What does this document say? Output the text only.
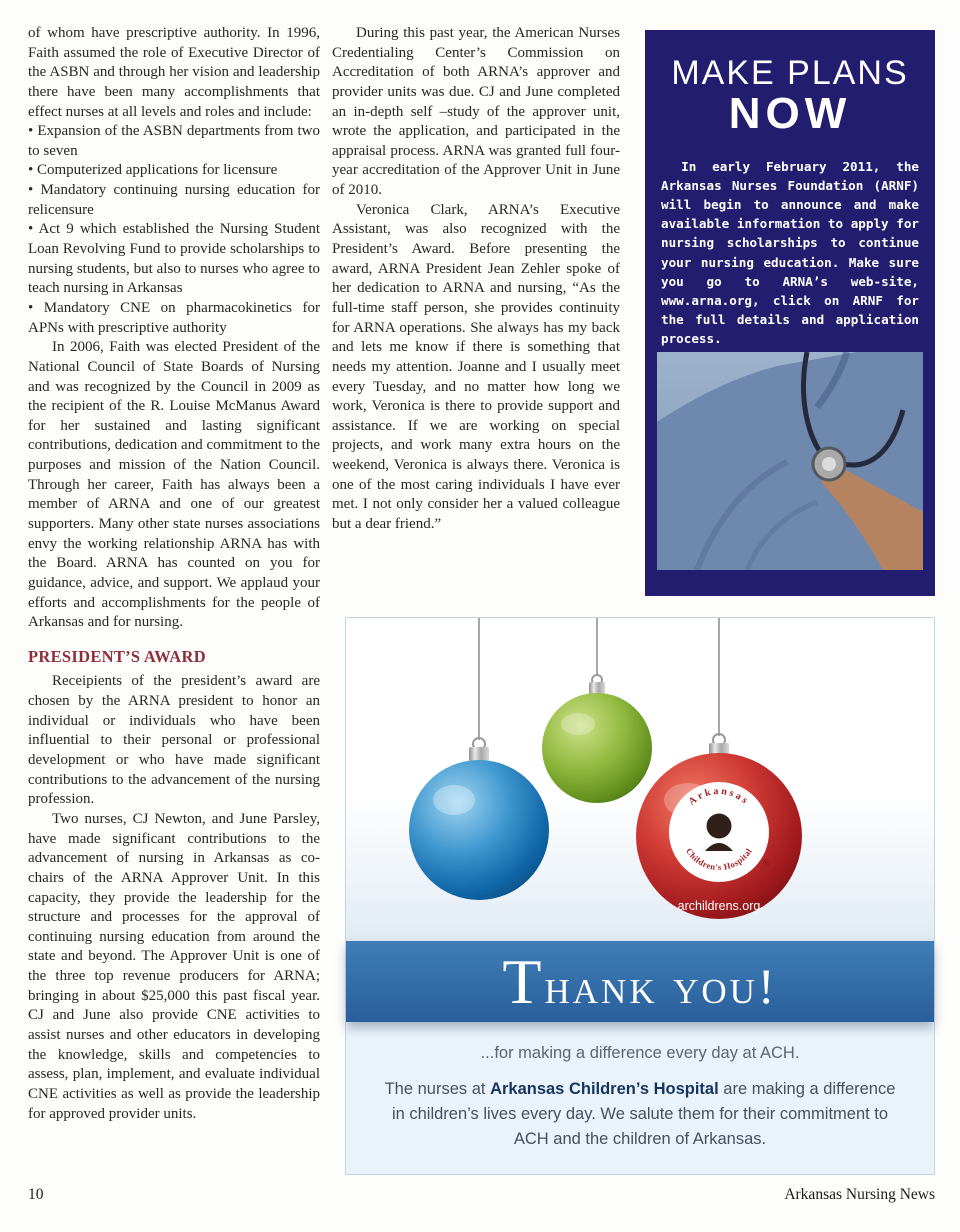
of whom have prescriptive authority. In 1996, Faith assumed the role of Executive Director of the ASBN and through her vision and leadership there have been many accomplishments that effect nurses at all levels and roles and include:

• Expansion of the ASBN departments from two to seven

• Computerized applications for licensure

• Mandatory continuing nursing education for relicensure

• Act 9 which established the Nursing Student Loan Revolving Fund to provide scholarships to nursing students, but also to nurses who agree to teach nursing in Arkansas

• Mandatory CNE on pharmacokinetics for APNs with prescriptive authority

In 2006, Faith was elected President of the National Council of State Boards of Nursing and was recognized by the Council in 2009 as the recipient of the R. Louise McManus Award for her sustained and lasting significant contributions, dedication and commitment to the purposes and mission of the Nation Council. Through her career, Faith has always been a member of ARNA and one of our greatest supporters. Many other state nurses associations envy the working relationship ARNA has with the Board. ARNA has counted on you for guidance, advice, and support. We applaud your efforts and accomplishments for the people of Arkansas and for nursing.

PRESIDENT’S AWARD

Receipients of the president’s award are chosen by the ARNA president to honor an individual or individuals who have been influential to their personal or professional development or who have made significant contributions to the advancement of the nursing profession.

Two nurses, CJ Newton, and June Parsley, have made significant contributions to the advancement of nursing in Arkansas as co-chairs of the ARNA Approver Unit. In this capacity, they provide the leadership for the structure and processes for the approval of continuing nursing education from around the state and beyond. The Approver Unit is one of the three top revenue producers for ARNA; bringing in about $25,000 this past fiscal year. CJ and June also provide CNE activities to assist nurses and other educators in developing the knowledge, skills and competencies to assess, plan, implement, and evaluate individual CNE activities as well as provide the leadership for approved provider units.

During this past year, the American Nurses Credentialing Center’s Commission on Accreditation of both ARNA’s approver and provider units was due. CJ and June completed an in-depth self –study of the approver unit, wrote the application, and participated in the appraisal process. ARNA was granted full four-year accreditation of the Approver Unit in June of 2010.

Veronica Clark, ARNA’s Executive Assistant, was also recognized with the President’s Award. Before presenting the award, ARNA President Jean Zehler spoke of her dedication to ARNA and nursing, “As the full-time staff person, she provides continuity for ARNA operations. She always has my back and lets me know if there is something that needs my attention. Joanne and I usually meet every Tuesday, and no matter how long we work, Veronica is there to provide support and assistance. If we are working on special projects, and work many extra hours on the weekend, Veronica is always there. Veronica is one of the most caring individuals I have ever met. I not only consider her a valued colleague but a dear friend.”

MAKE PLANS
NOW

In early February 2011, the Arkansas Nurses Foundation (ARNF) will begin to announce and make available information to apply for nursing scholarships to continue your nursing education. Make sure you go to ARNA’s web-site, www.arna.org, click on ARNF for the full details and application process.

Arkansas
Children's Hospital
®
archildrens.org

Thank you!

...for making a difference every day at ACH.

The nurses at Arkansas Children’s Hospital are making a difference in children’s lives every day. We salute them for their commitment to ACH and the children of Arkansas.

10	Arkansas Nursing News
